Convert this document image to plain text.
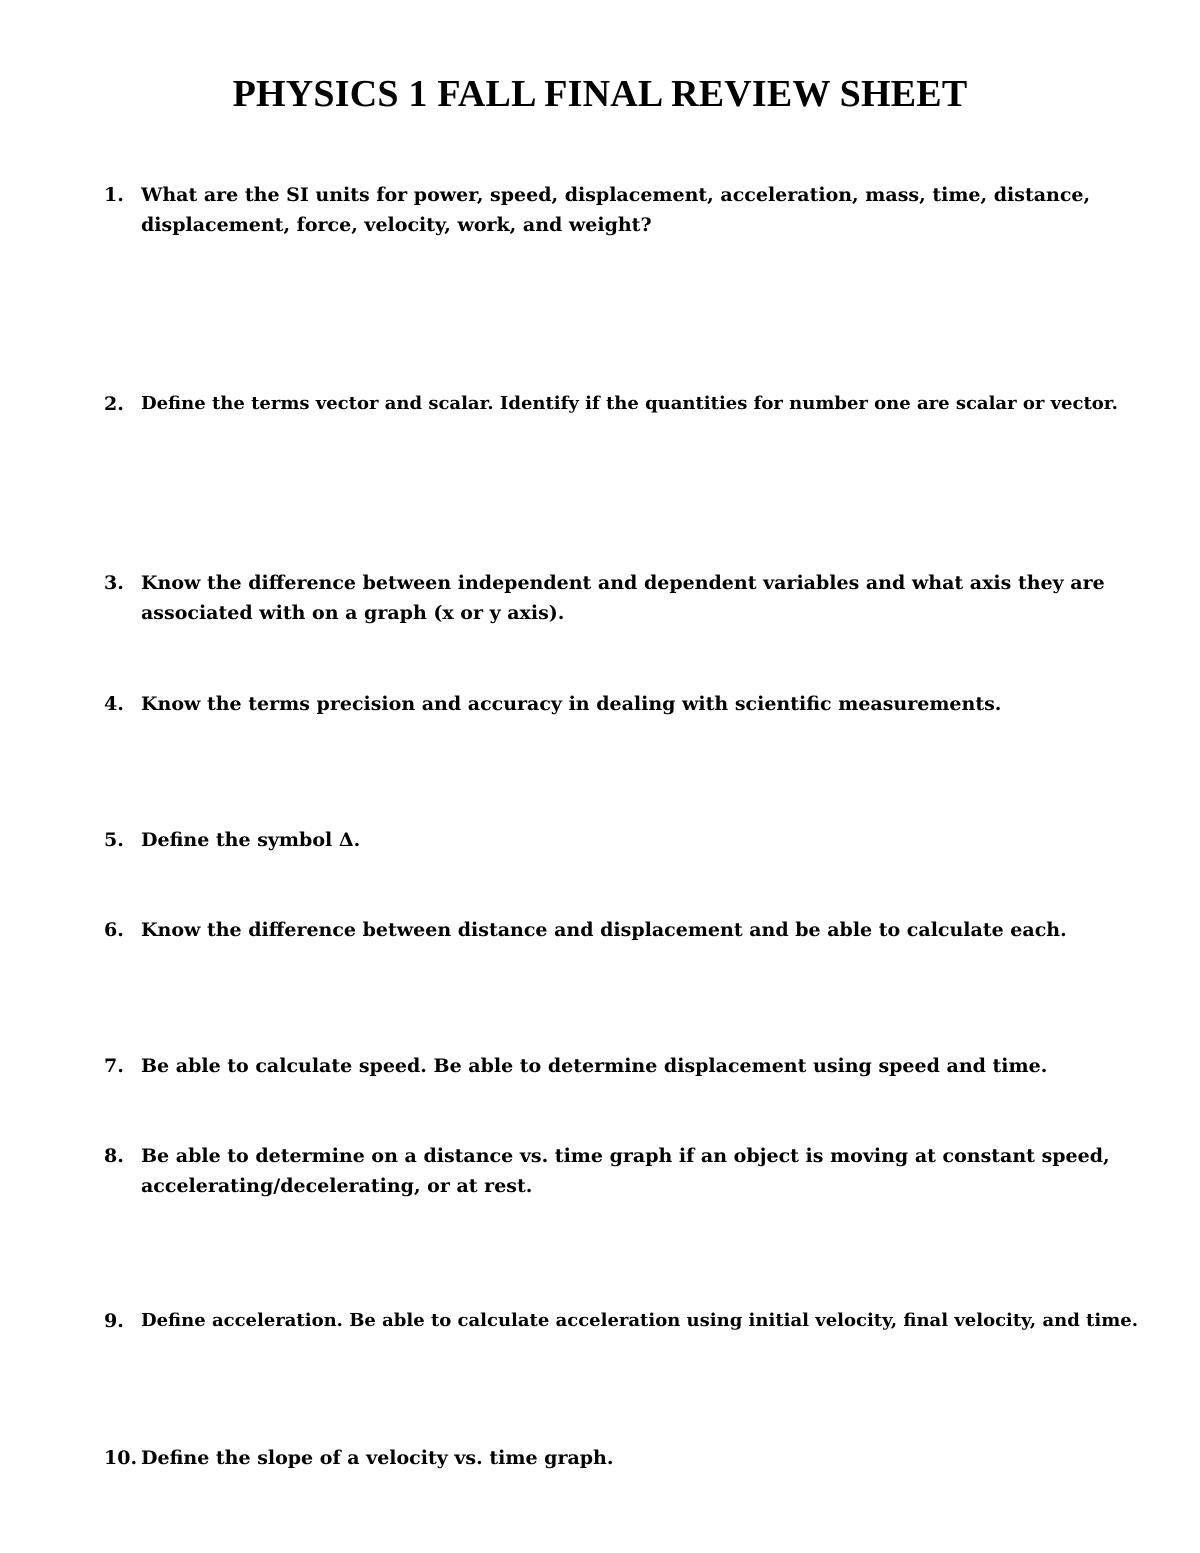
PHYSICS 1 FALL FINAL REVIEW SHEET
1. What are the SI units for power, speed, displacement, acceleration, mass, time, distance, displacement, force, velocity, work, and weight?
2. Define the terms vector and scalar. Identify if the quantities for number one are scalar or vector.
3. Know the difference between independent and dependent variables and what axis they are associated with on a graph (x or y axis).
4. Know the terms precision and accuracy in dealing with scientific measurements.
5. Define the symbol Δ.
6. Know the difference between distance and displacement and be able to calculate each.
7. Be able to calculate speed. Be able to determine displacement using speed and time.
8. Be able to determine on a distance vs. time graph if an object is moving at constant speed, accelerating/decelerating, or at rest.
9. Define acceleration. Be able to calculate acceleration using initial velocity, final velocity, and time.
10. Define the slope of a velocity vs. time graph.
